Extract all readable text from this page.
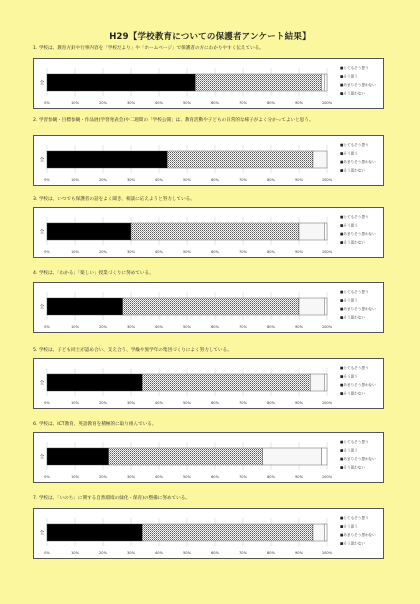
H29【学校教育についての保護者アンケート結果】
1. 学校は、教育方針や行事内容を「学校だより」や「ホームページ」で保護者の方にわかりやすく伝えている。
全
0%	10%	20%	30%	40%	50%	60%	70%	80%	90%	100%
■とてもそう思う
■そう思う
■あまりそう思わない
■そう思わない
2. 学習参観・目標参観・作品展(学習発表会)や二週間の「学校公開」は、教育活動や子どもの日常的な様子がよく分かってよいと思う。
全
0%	10%	20%	30%	40%	50%	60%	70%	80%	90%	100%
■とてもそう思う
■そう思う
■あまりそう思わない
■そう思わない
3. 学校は、いつでも保護者の話をよく聞き、相談に応えようと努力している。
全
0%	10%	20%	30%	40%	50%	60%	70%	80%	90%	100%
■とてもそう思う
■そう思う
■あまりそう思わない
■そう思わない
4. 学校は、「わかる」「楽しい」授業づくりに努めている。
全
0%	10%	20%	30%	40%	50%	60%	70%	80%	90%	100%
■とてもそう思う
■そう思う
■あまりそう思わない
■そう思わない
5. 学校は、子ども同士が認め合い、支え合う、学級や異学年の集団づくりによく努力している。
全
0%	10%	20%	30%	40%	50%	60%	70%	80%	90%	100%
■とてもそう思う
■そう思う
■あまりそう思わない
■そう思わない
6. 学校は、ICT教育、英語教育を積極的に取り組んでいる。
全
0%	10%	20%	30%	40%	50%	60%	70%	80%	90%	100%
■とてもそう思う
■そう思う
■あまりそう思わない
■そう思わない
7. 学校は、「いのち」に関する自然環境の緑化・保育)の整備に努めている。
全
0%	10%	20%	30%	40%	50%	60%	70%	80%	90%	100%
■とてもそう思う
■そう思う
■あまりそう思わない
■そう思わない
